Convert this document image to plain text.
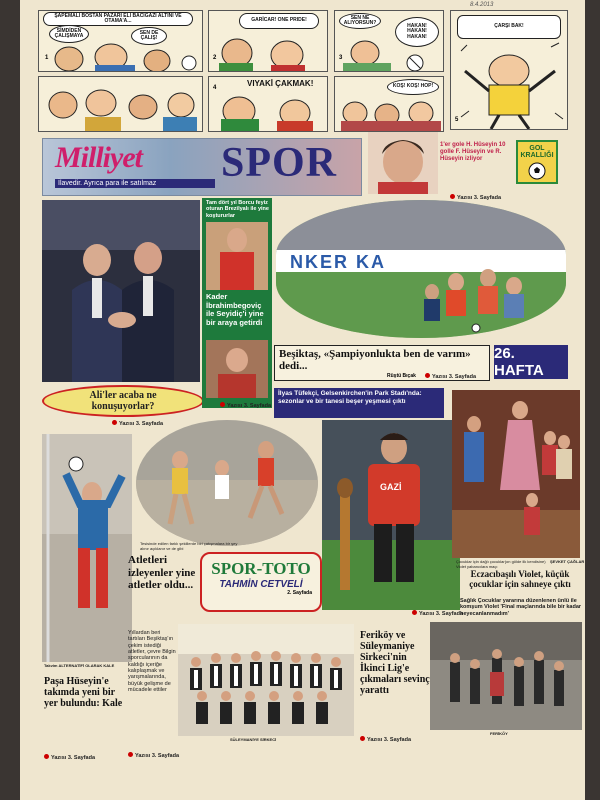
8.4.2013
ŞAPEMALI BOSTAN PAZARI ELİ BACIGAZI ALTINI VE OTAMA'A...
SİMDİDEN ÇALIŞMAYA
SEN DE ÇALIŞ!
1
GARİCAR! ONE PRIDE!
2
SEN NE ALIYORSUN?	HAKAN! HAKAN! HAKAN!
3
ÇARŞI BAK!
5
VIYAKİ ÇAKMAK!
4	KOŞ! KOŞ! HOP!
Milliyet SPOR
İlavedir. Ayrıca para ile satılmaz
1'er gole H. Hüseyin 10 golle F. Hüseyin ve R. Hüseyin izliyor
GOL KRALLIĞI
Yazısı 3. Sayfada
Ali'ler acaba ne konuşuyorlar?
Yazısı 3. Sayfada
Tam dört yıl Borcu feyiz oturan Brezilyalı ile yine koştururlar
Kader İbrahimbegoviç ile Seyidiç'i yine bir araya getirdi
Yazısı 3. Sayfada
NKER KA
Beşiktaş, «Şampiyonlukta ben de varım» dedi...
Rüştü Bıçak	Yazısı 3. Sayfada
26. HAFTA
İlyas Tüfekçi, Gelsenkirchen'in Park Stadı'nda: sezonlar ve bir tanesi beşer yeşmesi çıktı
GAZİ
Yazısı 3. Sayfada
Çocuklar için dağlı çocuklar(on gölde ilk kendisine) Violet yabancılara maçı
ŞEVKET ÇAĞLAR
Eczacıbaşılı Violet, küçük çocuklar için sahneye çıktı
Sağlık Çocuklar yararına düzenlenen ünlü ile komşum Violet 'Final maçlarında bile bir kadar heyecanlanmadım'
Takvim ALTERNATİFİ OLARAK KALE
Tesisinde edilen farklı şekillerde biri çatışmalara bir şey alınır açıklanır ve de gibi
SPOR-TOTO
TAHMİN CETVELİ
2. Sayfada
Atletleri izleyenler yine atletler oldu...
Yıllardan beri tartıları Beşiktaş'ın çekim istediği atletler, çevre Bilgin sporcularının da kaldığı içeriğe kalıplaşmak ve yarışmalarında, büyük gelişme de mücadele ettiler
Yazısı 3. Sayfada
Paşa Hüseyin'e takımda yeni bir yer bulundu: Kale
Yazısı 3. Sayfada
SÜLEYMANİYE SİRKECİ
Feriköy ve Süleymaniye Sirkeci'nin İkinci Lig'e çıkmaları sevinç yarattı
Yazısı 3. Sayfada
FERİKÖY
